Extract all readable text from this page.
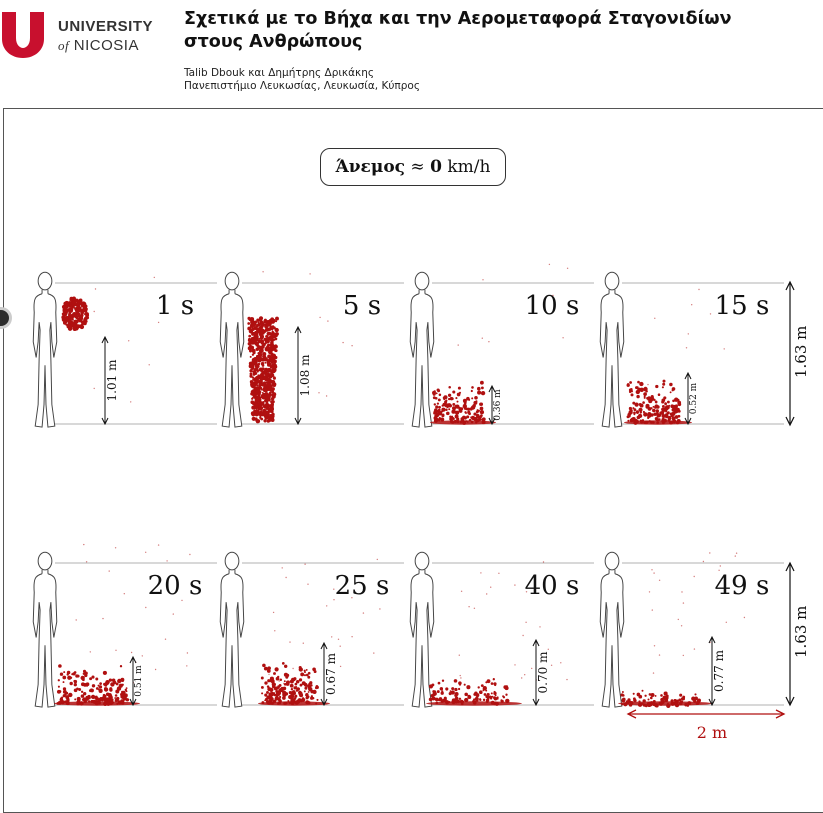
UNIVERSITY
of NICOSIA
Σχετικά με το Βήχα και την Αερομεταφορά Σταγονιδίων στους Ανθρώπους
Talib Dbouk και Δημήτρης Δρικάκης
Πανεπιστήμιο Λευκωσίας, Λευκωσία, Κύπρος
Άνεμος ≈ 0 km/h
1 s
1.01 m
5 s
1.08 m
10 s
0.36 m
15 s
0.52 m
20 s
0.51 m
25 s
0.67 m
40 s
0.70 m
49 s
0.77 m
1.63 m
1.63 m
2 m
